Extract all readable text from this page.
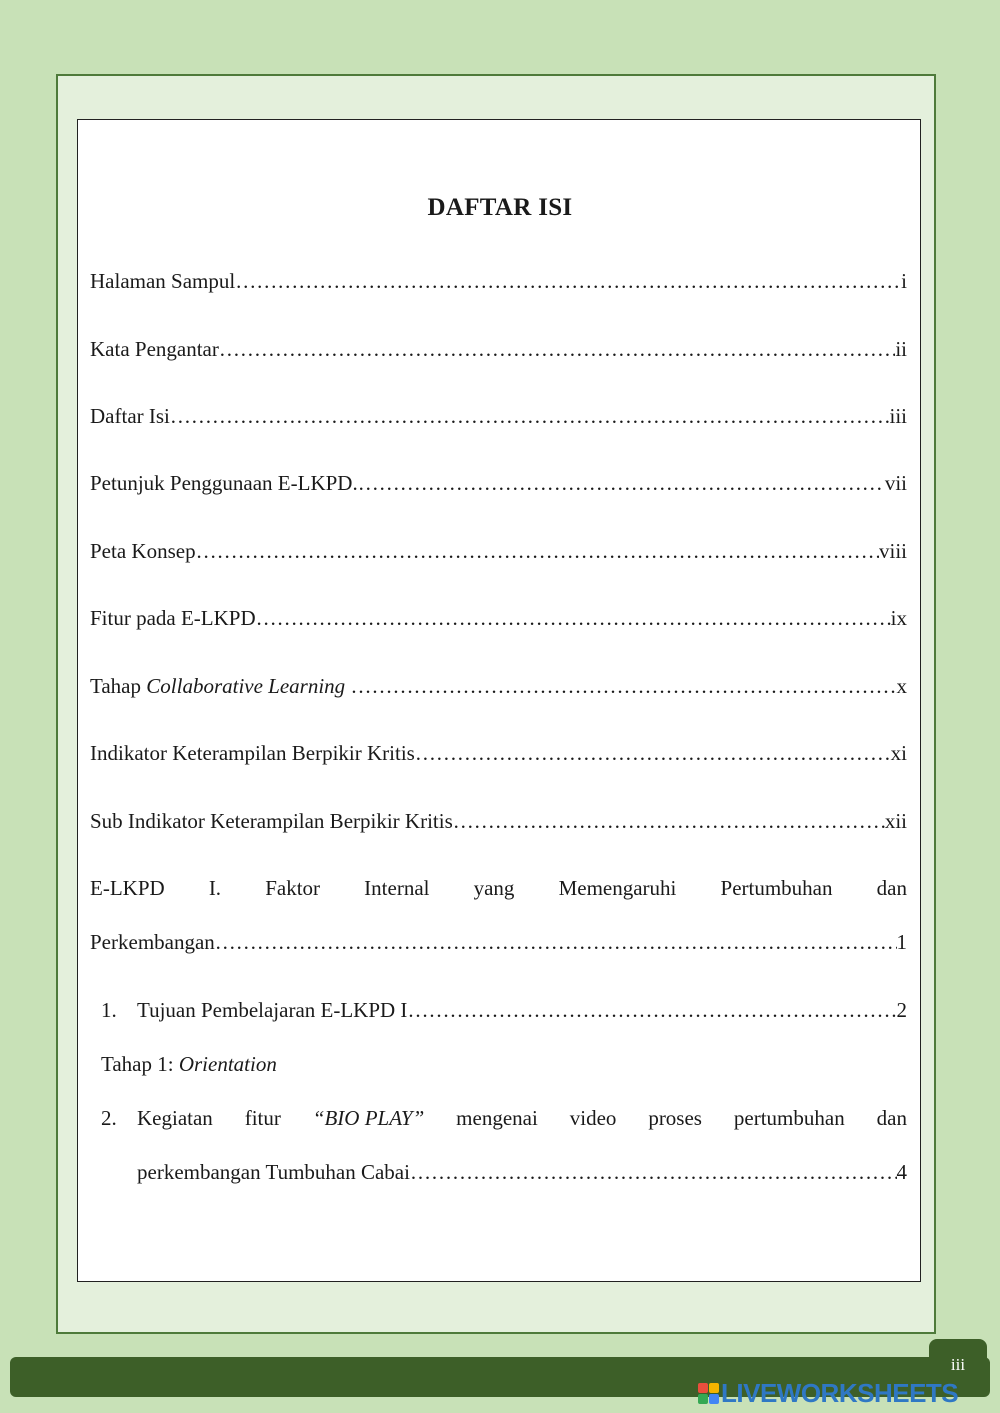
DAFTAR ISI
Halaman Sampul ………………………………………………………………………………………………………………………………………………………………	i
Kata Pengantar ………………………………………………………………………………………………………………………………………………………………	ii
Daftar Isi ………………………………………………………………………………………………………………………………………………………………	iii
Petunjuk Penggunaan E-LKPD. ………………………………………………………………………………………………………………………………………………………………	vii
Peta Konsep ………………………………………………………………………………………………………………………………………………………………	viii
Fitur pada E-LKPD ………………………………………………………………………………………………………………………………………………………………	ix
Tahap Collaborative Learning ………………………………………………………………………………………………………………………………………………………………	x
Indikator Keterampilan Berpikir Kritis ………………………………………………………………………………………………………………………………………………………………	xi
Sub Indikator Keterampilan Berpikir Kritis ………………………………………………………………………………………………………………………………………………………………	xii
E-LKPD I. Faktor Internal yang Memengaruhi Pertumbuhan dan
Perkembangan ………………………………………………………………………………………………………………………………………………………………	1
1. Tujuan Pembelajaran E-LKPD I ………………………………………………………………………………………………………………………………………………………………	2
Tahap 1: Orientation
2. Kegiatan fitur “BIO PLAY” mengenai video proses pertumbuhan dan
perkembangan Tumbuhan Cabai ………………………………………………………………………………………………………………………………………………………………	4
iii
LIVEWORKSHEETS
